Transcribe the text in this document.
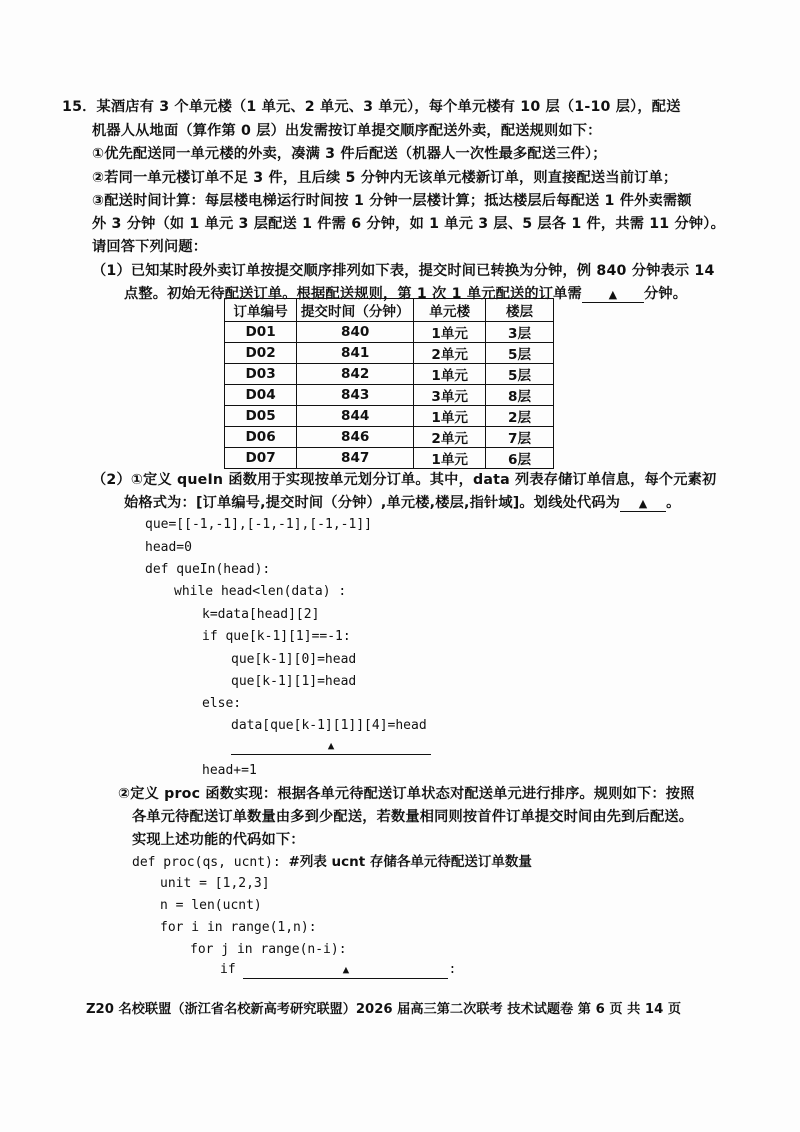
15．某酒店有 3 个单元楼（1 单元、2 单元、3 单元），每个单元楼有 10 层（1-10 层），配送
机器人从地面（算作第 0 层）出发需按订单提交顺序配送外卖，配送规则如下：
①优先配送同一单元楼的外卖，凑满 3 件后配送（机器人一次性最多配送三件）；
②若同一单元楼订单不足 3 件，且后续 5 分钟内无该单元楼新订单，则直接配送当前订单；
③配送时间计算：每层楼电梯运行时间按 1 分钟一层楼计算；抵达楼层后每配送 1 件外卖需额
外 3 分钟（如 1 单元 3 层配送 1 件需 6 分钟，如 1 单元 3 层、5 层各 1 件，共需 11 分钟）。
请回答下列问题：
（1）已知某时段外卖订单按提交顺序排列如下表，提交时间已转换为分钟，例 840 分钟表示 14
点整。初始无待配送订单。根据配送规则，第 1 次 1 单元配送的订单需 ▲ 分钟。
订单编号	提交时间（分钟）	单元楼	楼层
D01	840	1单元	3层
D02	841	2单元	5层
D03	842	1单元	5层
D04	843	3单元	8层
D05	844	1单元	2层
D06	846	2单元	7层
D07	847	1单元	6层
（2）①定义 queIn 函数用于实现按单元划分订单。其中，data 列表存储订单信息，每个元素初
始格式为：[订单编号,提交时间（分钟）,单元楼,楼层,指针域]。划线处代码为 ▲ 。
que=[[-1,-1],[-1,-1],[-1,-1]]
head=0
def queIn(head):
while head<len(data) :
k=data[head][2]
if que[k-1][1]==-1:
que[k-1][0]=head
que[k-1][1]=head
else:
data[que[k-1][1]][4]=head
▲
head+=1
②定义 proc 函数实现：根据各单元待配送订单状态对配送单元进行排序。规则如下：按照
各单元待配送订单数量由多到少配送，若数量相同则按首件订单提交时间由先到后配送。
实现上述功能的代码如下：
def proc(qs, ucnt): #列表 ucnt 存储各单元待配送订单数量
unit = [1,2,3]
n = len(ucnt)
for i in range(1,n):
for j in range(n-i):
if	▲	:
Z20 名校联盟（浙江省名校新高考研究联盟）2026 届高三第二次联考 技术试题卷 第 6 页 共 14 页
